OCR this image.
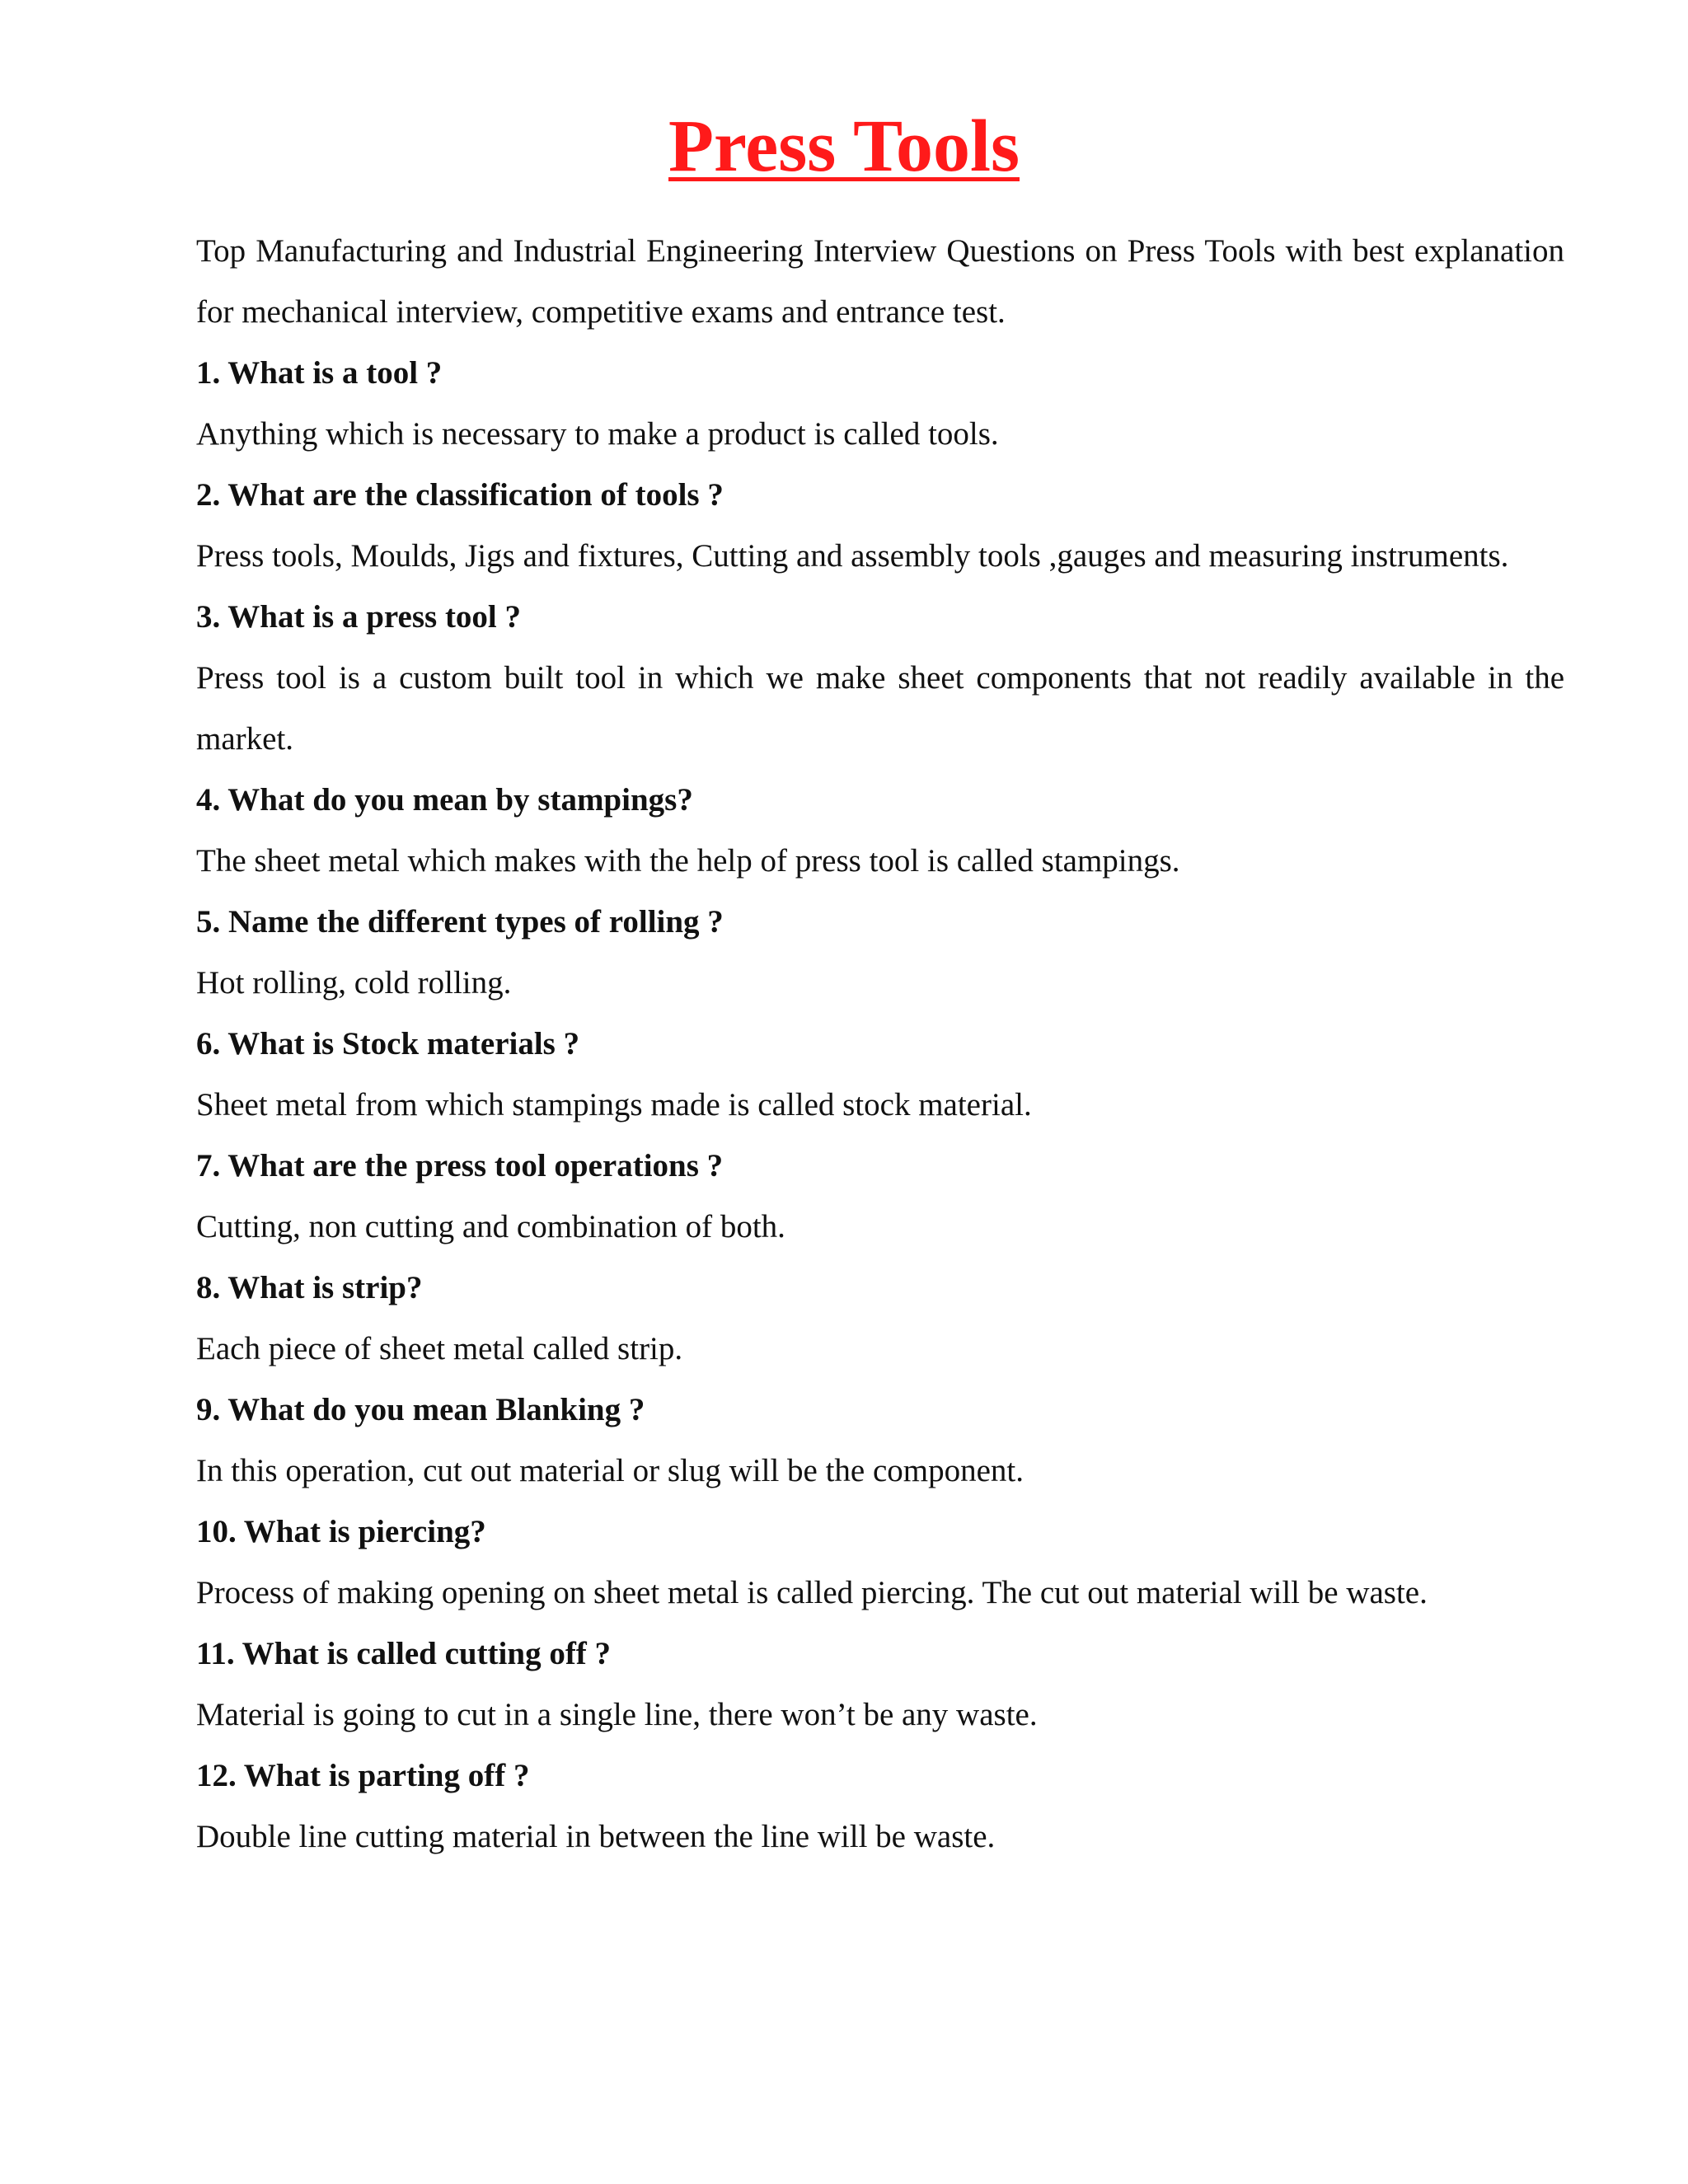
Press Tools

Top Manufacturing and Industrial Engineering Interview Questions on Press Tools with best explanation for mechanical interview, competitive exams and entrance test.

1. What is a tool ?

Anything which is necessary to make a product is called tools.

2. What are the classification of tools ?

Press tools, Moulds, Jigs and fixtures, Cutting and assembly tools ,gauges and measuring instruments.

3. What is a press tool ?

Press tool is a custom built tool in which we make sheet components that not readily available in the market.

4. What do you mean by stampings?

The sheet metal which makes with the help of press tool is called stampings.

5. Name the different types of rolling ?

Hot rolling, cold rolling.

6. What is Stock materials ?

Sheet metal from which stampings made is called stock material.

7. What are the press tool operations ?

Cutting, non cutting and combination of both.

8. What is strip?

Each piece of sheet metal called strip.

9. What do you mean Blanking ?

In this operation, cut out material or slug will be the component.

10. What is piercing?

Process of making opening on sheet metal is called piercing. The cut out material will be waste.

11. What is called cutting off ?

Material is going to cut in a single line, there won’t be any waste.

12. What is parting off ?

Double line cutting material in between the line will be waste.
